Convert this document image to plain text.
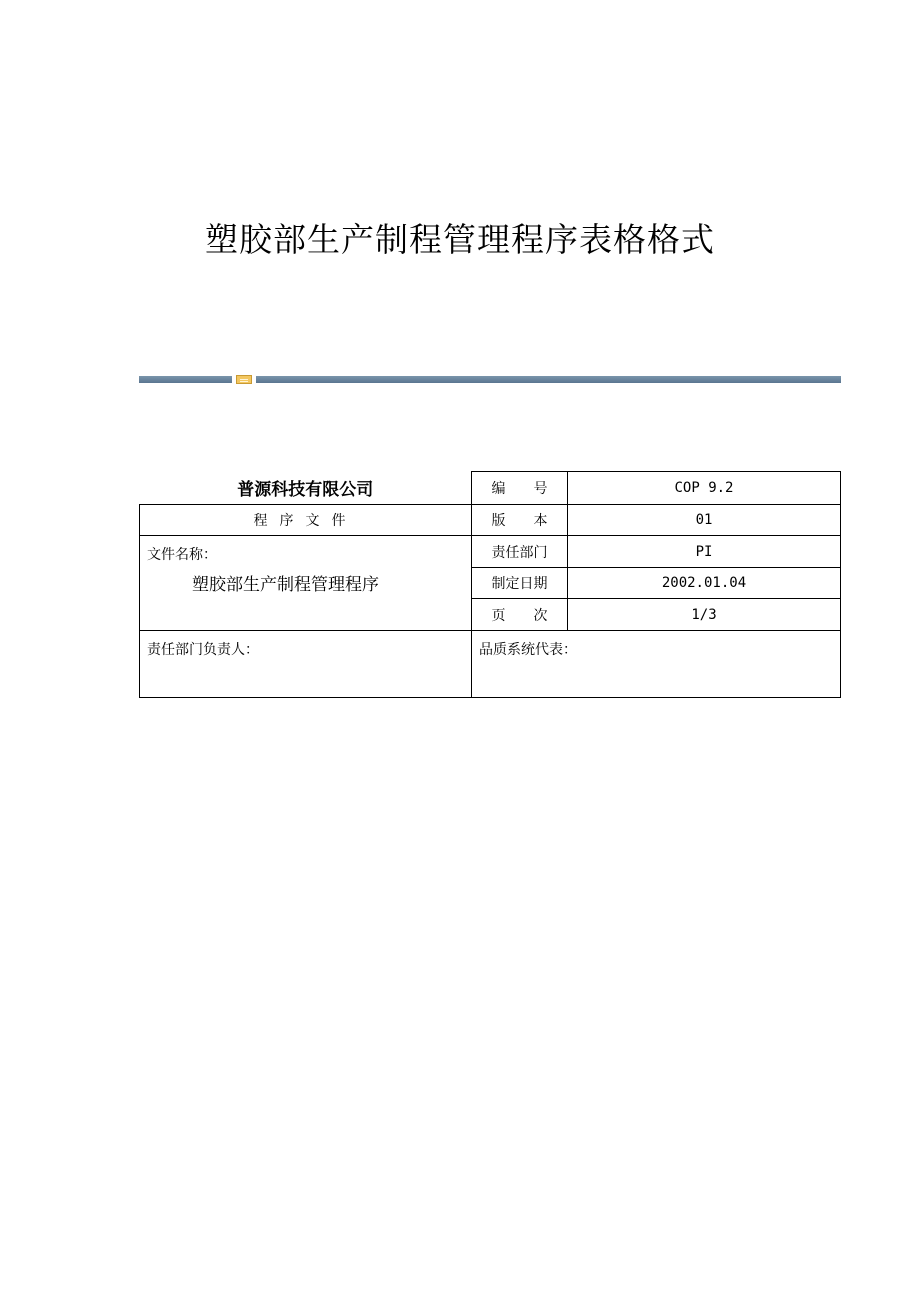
塑胶部生产制程管理程序表格格式
普源科技有限公司	编　　号	COP 9.2
程序文件	版　　本	01

文件名称：
塑胶部生产制程管理程序	责任部门	PI
	制定日期	2002.01.04
	页　　次	1/3
责任部门负责人：	品质系统代表：	
